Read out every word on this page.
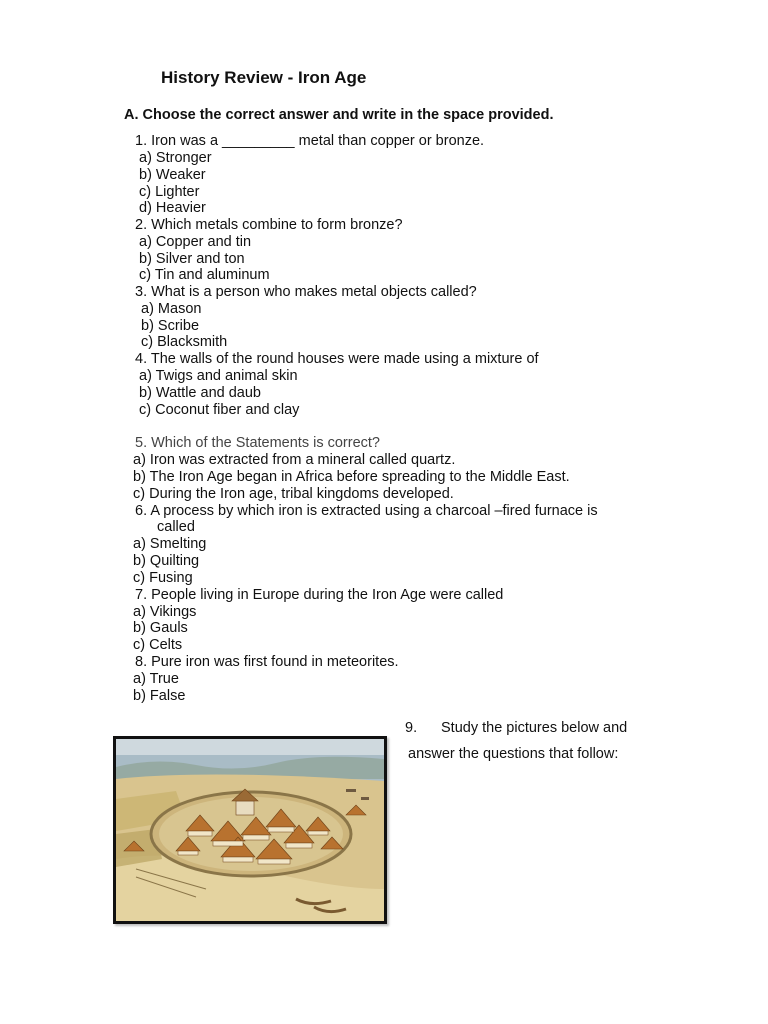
History Review - Iron Age
A. Choose the correct answer and write in the space provided.
1. Iron was a _________ metal than copper or bronze.
a) Stronger
b) Weaker
c) Lighter
d) Heavier
2. Which metals combine to form bronze?
a) Copper and tin
b) Silver and ton
c) Tin and aluminum
3. What is a person who makes metal objects called?
a) Mason
b) Scribe
c) Blacksmith
4. The walls of the round houses were made using a mixture of
a) Twigs and animal skin
b) Wattle and daub
c) Coconut fiber and clay
5. Which of the Statements is correct?
a) Iron was extracted from a mineral called quartz.
b) The Iron Age began in Africa before spreading to the Middle East.
c) During the Iron age, tribal kingdoms developed.
6. A process by which iron is extracted using a charcoal –fired furnace is
called
a) Smelting
b) Quilting
c) Fusing
7. People living in Europe during the Iron Age were called
a) Vikings
b) Gauls
c) Celts
8. Pure iron was first found in meteorites.
a) True
b) False
9. Study the pictures below and
answer the questions that follow:
